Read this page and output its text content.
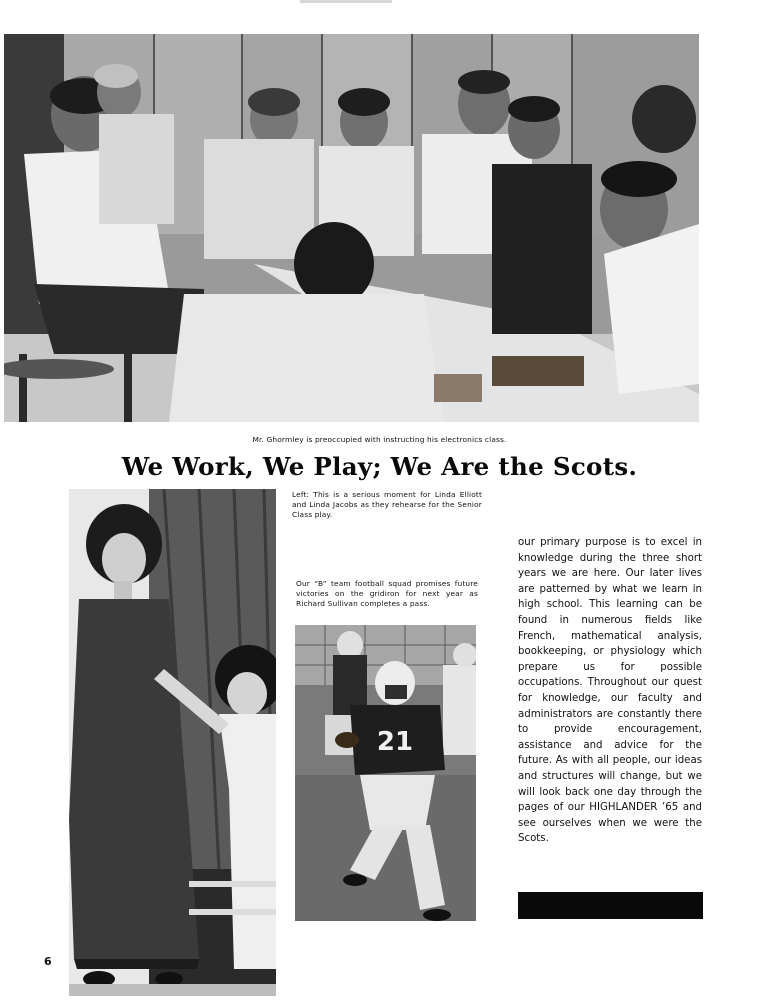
Mr. Ghormley is preoccupied with instructing his electronics class.
We Work, We Play; We Are the Scots.
Left: This is a serious moment for Linda Elliott and Linda Jacobs as they rehearse for the Senior Class play.
Our “B” team football squad promises future victories on the gridiron for next year as Richard Sullivan completes a pass.
21

our primary purpose is to excel in knowledge during the three short years we are here. Our later lives are patterned by what we learn in high school. This learning can be found in numerous fields like French, mathematical analysis, bookkeeping, or physiology which prepare us for possible occupations. Throughout our quest for knowledge, our faculty and administrators are constantly there to provide encouragement, assistance and advice for the future. As with all people, our ideas and structures will change, but we will look back one day through the pages of our HIGHLANDER ’65 and see ourselves when we were the Scots.

6
